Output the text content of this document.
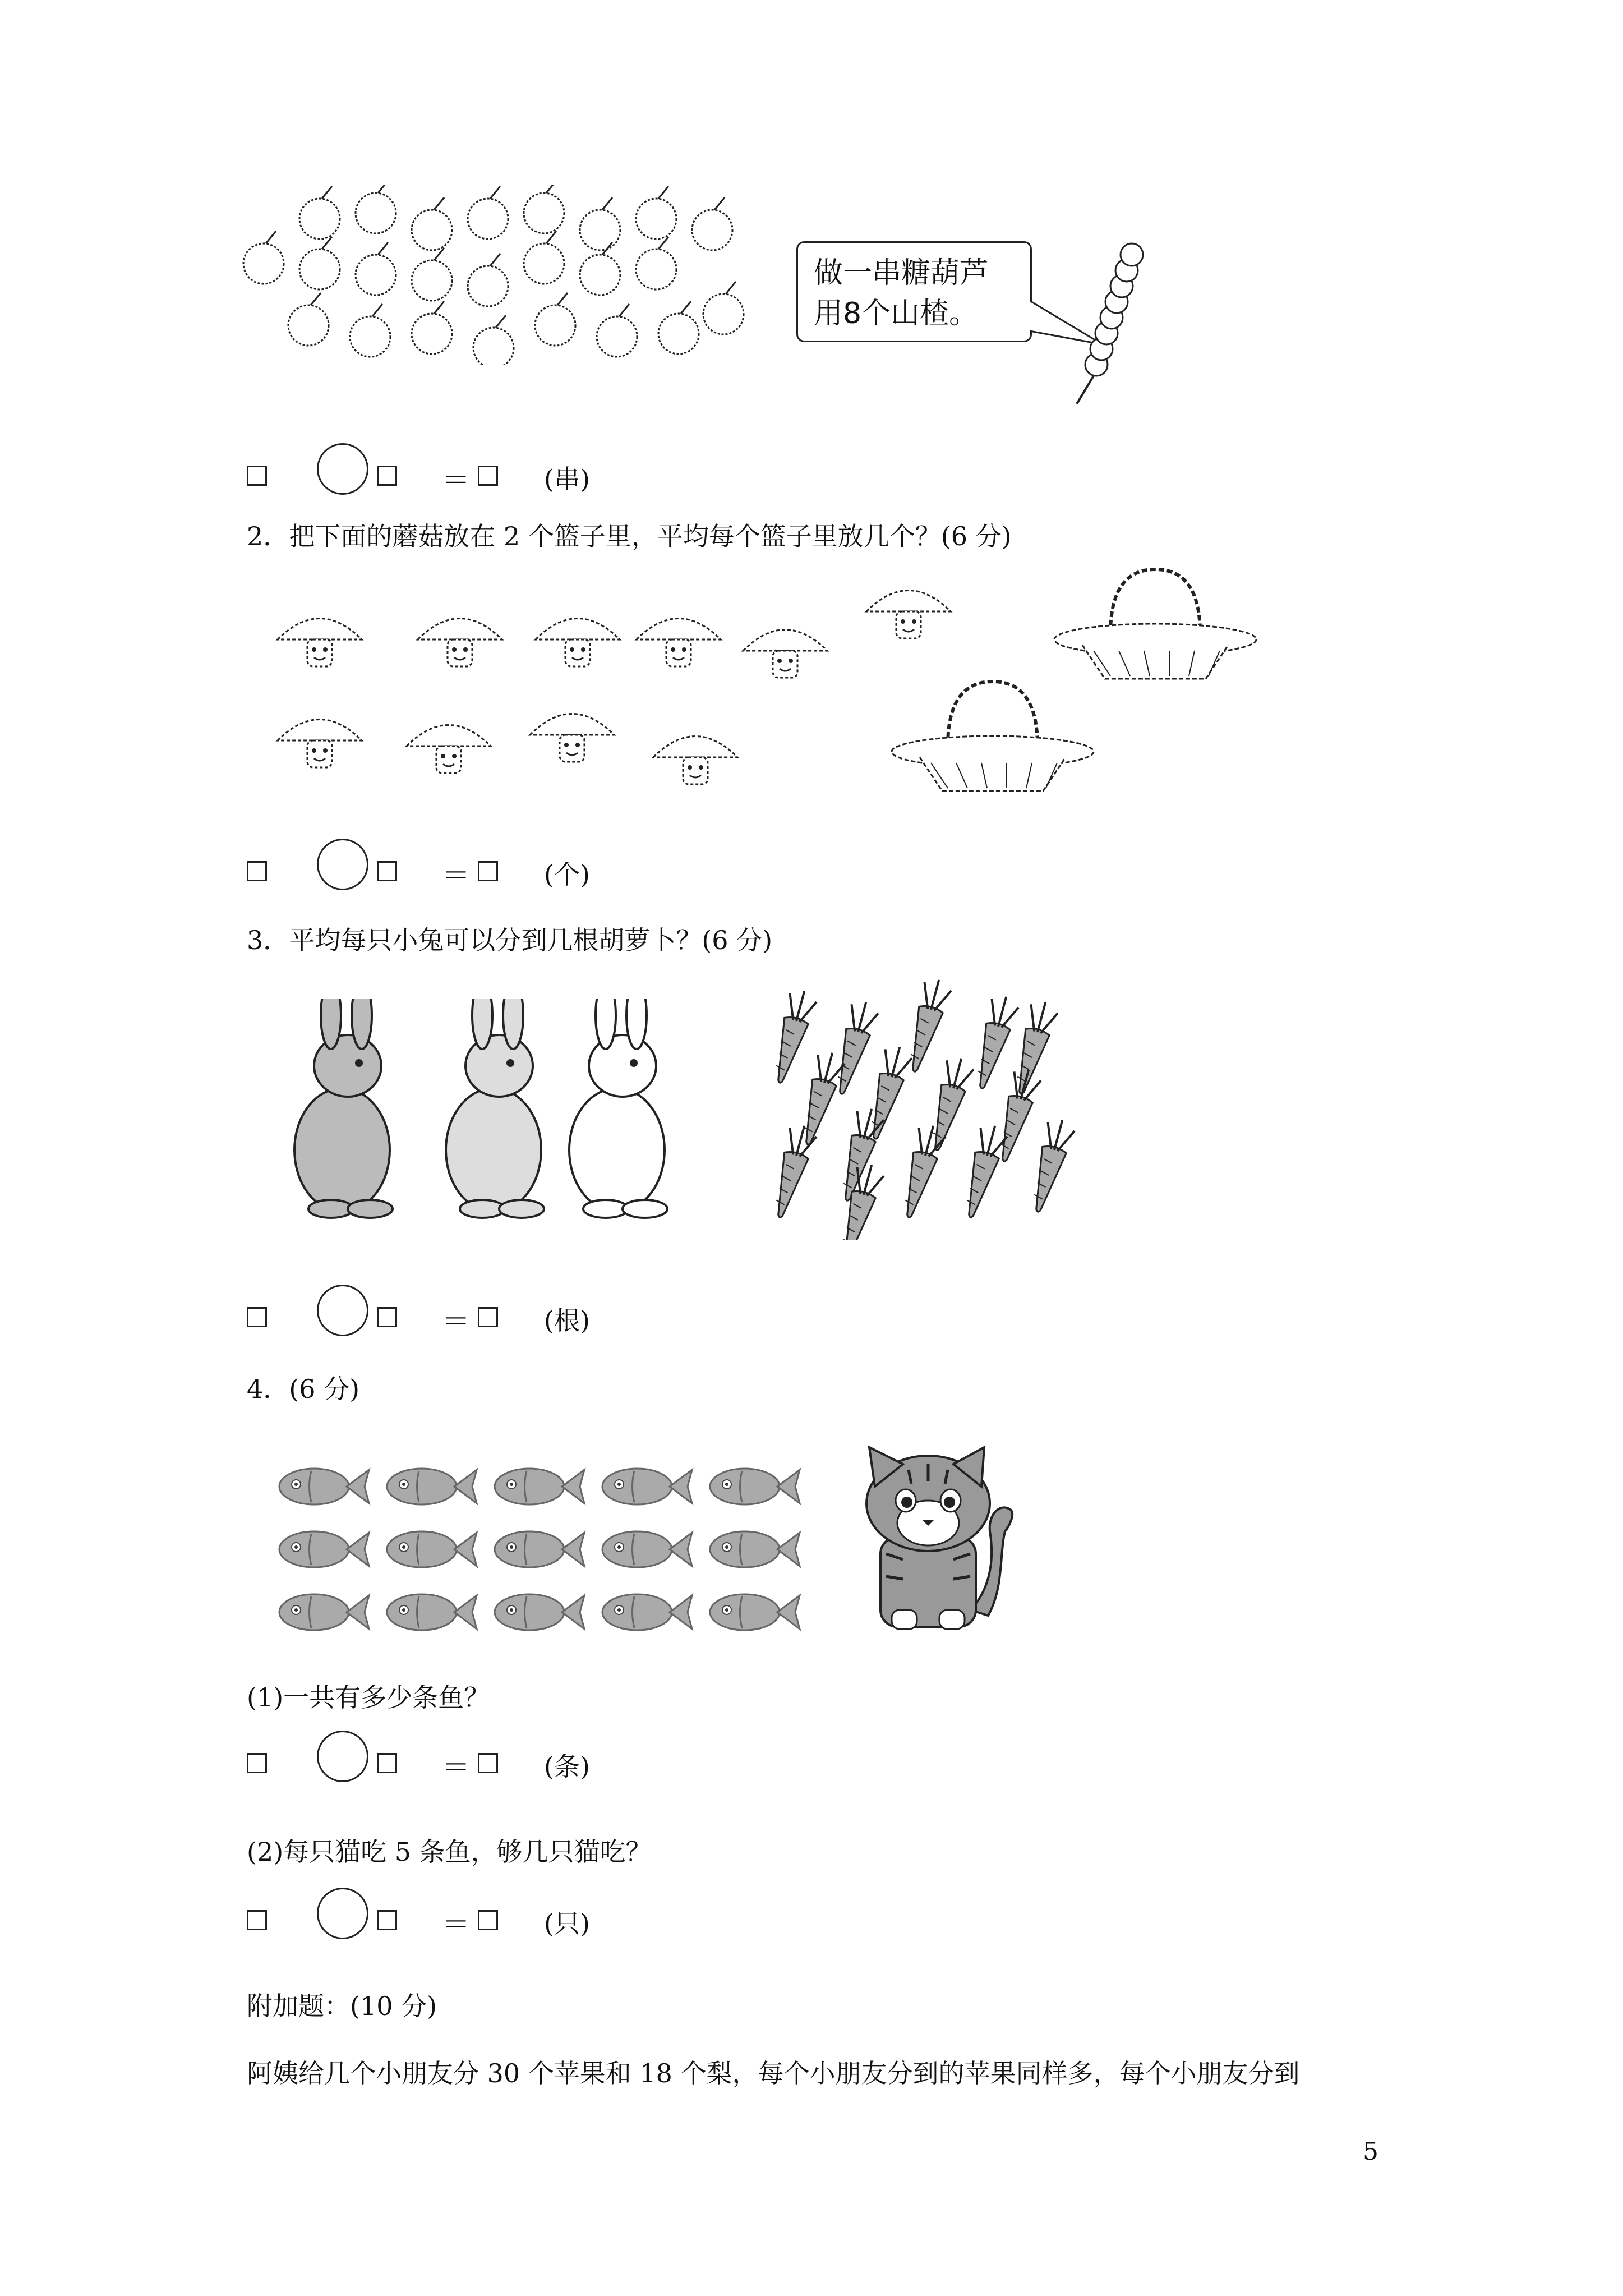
做一串糖葫芦
用8个山楂。
＝	(串)
2．把下面的蘑菇放在 2 个篮子里，平均每个篮子里放几个？(6 分)
＝	(个)
3．平均每只小兔可以分到几根胡萝卜？(6 分)
＝	(根)
4．(6 分)
(1)一共有多少条鱼？
＝	(条)
(2)每只猫吃 5 条鱼，够几只猫吃？
＝	(只)
附加题：(10 分)
阿姨给几个小朋友分 30 个苹果和 18 个梨，每个小朋友分到的苹果同样多，每个小朋友分到
5
